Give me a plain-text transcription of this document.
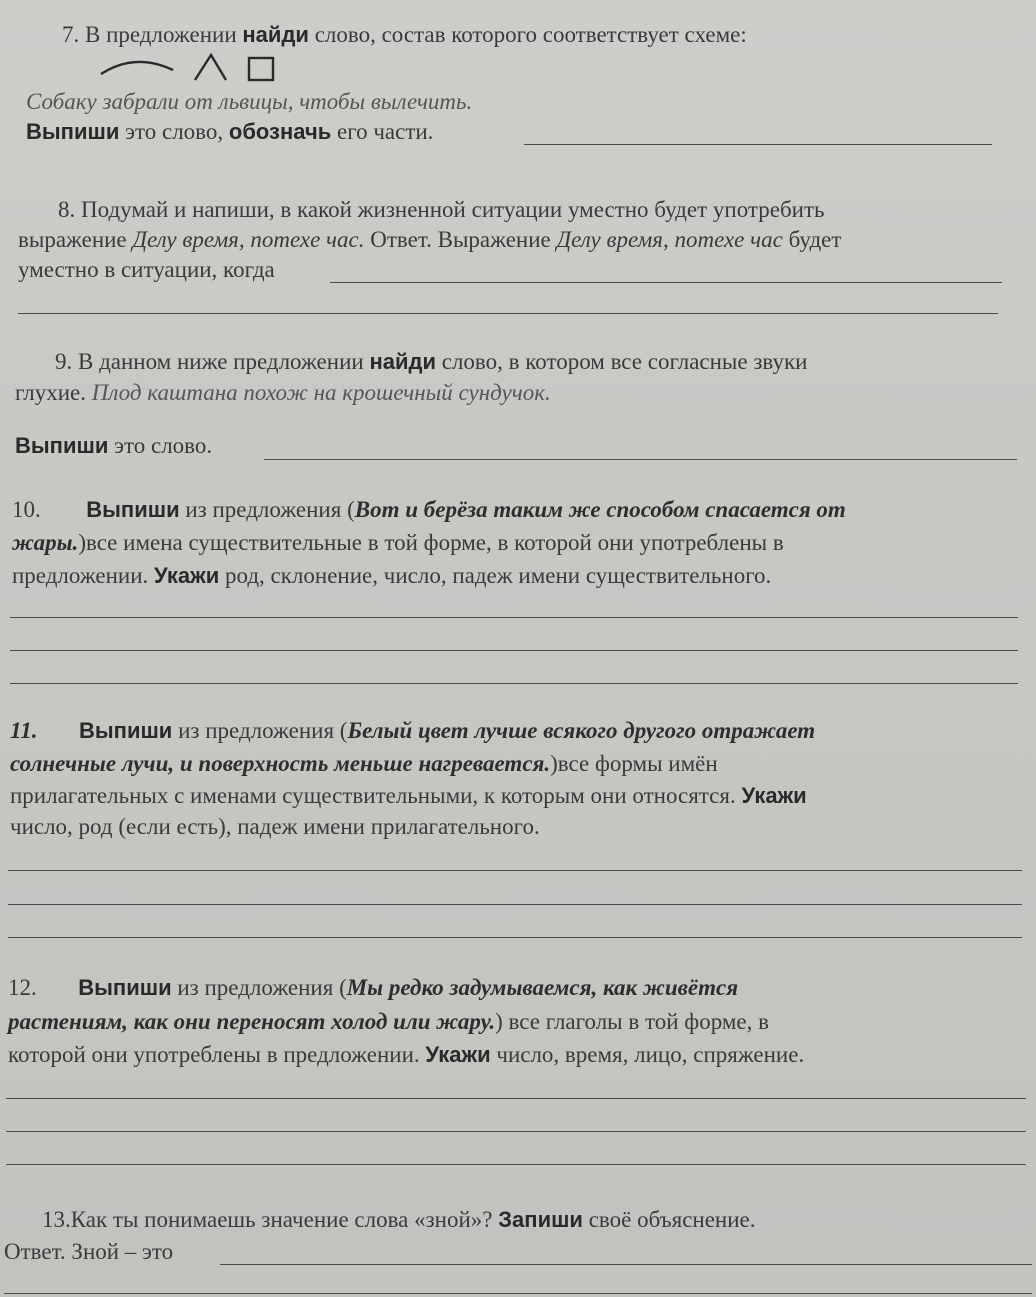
7. В предложении найди слово, состав которого соответствует схеме:
Собаку забрали от львицы, чтобы вылечить.
Выпиши это слово, обозначь его части.
8. Подумай и напиши, в какой жизненной ситуации уместно будет употребить
выражение Делу время, потехе час. Ответ. Выражение Делу время, потехе час будет
уместно в ситуации, когда
9. В данном ниже предложении найди слово, в котором все согласные звуки
глухие. Плод каштана похож на крошечный сундучок.
Выпиши это слово.
10. Выпиши из предложения (Вот и берёза таким же способом спасается от
жары.)все имена существительные в той форме, в которой они употреблены в
предложении. Укажи род, склонение, число, падеж имени существительного.
11. Выпиши из предложения (Белый цвет лучше всякого другого отражает
солнечные лучи, и поверхность меньше нагревается.)все формы имён
прилагательных с именами существительными, к которым они относятся. Укажи
число, род (если есть), падеж имени прилагательного.
12. Выпиши из предложения (Мы редко задумываемся, как живётся
растениям, как они переносят холод или жару.) все глаголы в той форме, в
которой они употреблены в предложении. Укажи число, время, лицо, спряжение.
13.Как ты понимаешь значение слова «зной»? Запиши своё объяснение.
Ответ. Зной – это
